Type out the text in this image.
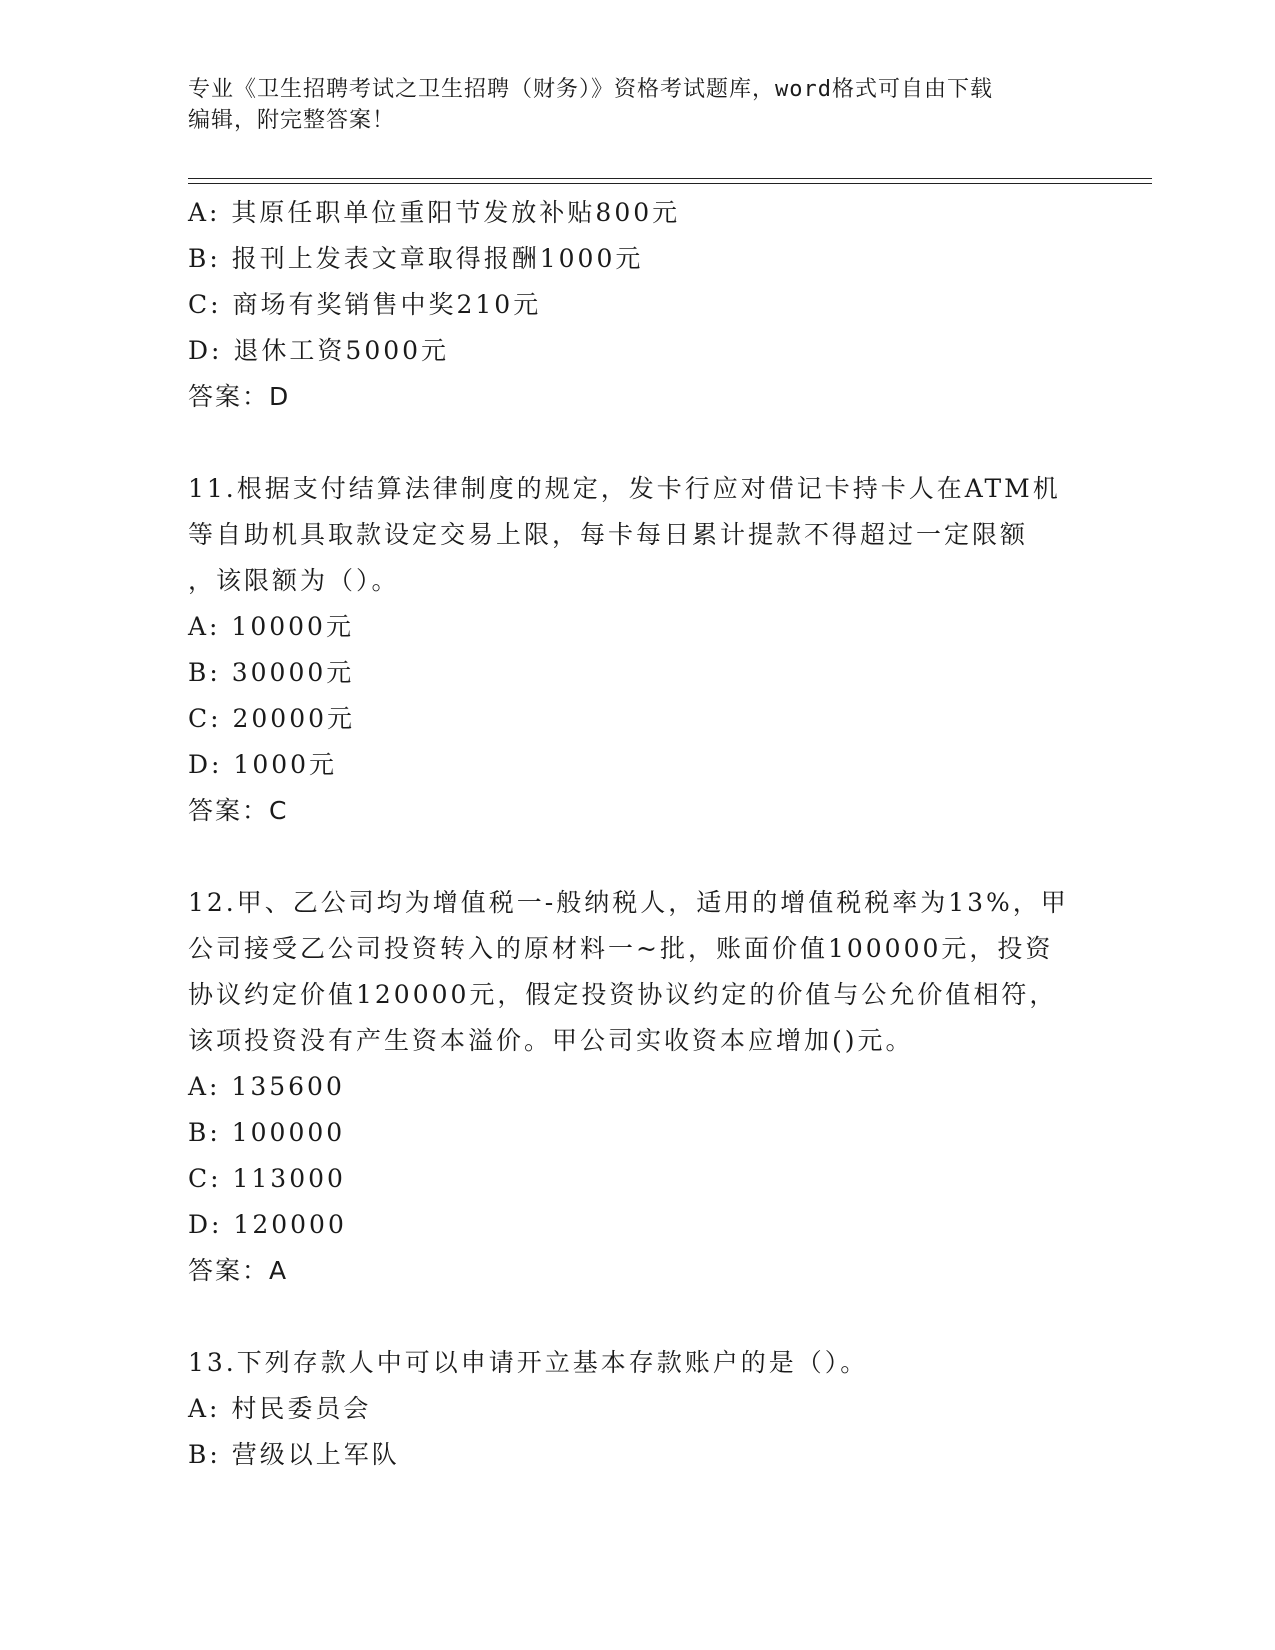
专业《卫生招聘考试之卫生招聘（财务）》资格考试题库，word格式可自由下载
编辑，附完整答案！
A: 其原任职单位重阳节发放补贴800元
B: 报刊上发表文章取得报酬1000元
C: 商场有奖销售中奖210元
D: 退休工资5000元
答案：D
11.根据支付结算法律制度的规定，发卡行应对借记卡持卡人在ATM机
等自助机具取款设定交易上限，每卡每日累计提款不得超过一定限额
，该限额为（）。
A: 10000元
B: 30000元
C: 20000元
D: 1000元
答案：C
12.甲、乙公司均为增值税一-般纳税人，适用的增值税税率为13%，甲
公司接受乙公司投资转入的原材料一~批，账面价值100000元，投资
协议约定价值120000元，假定投资协议约定的价值与公允价值相符，
该项投资没有产生资本溢价。甲公司实收资本应增加()元。
A: 135600
B: 100000
C: 113000
D: 120000
答案：A
13.下列存款人中可以申请开立基本存款账户的是（）。
A: 村民委员会
B: 营级以上军队
